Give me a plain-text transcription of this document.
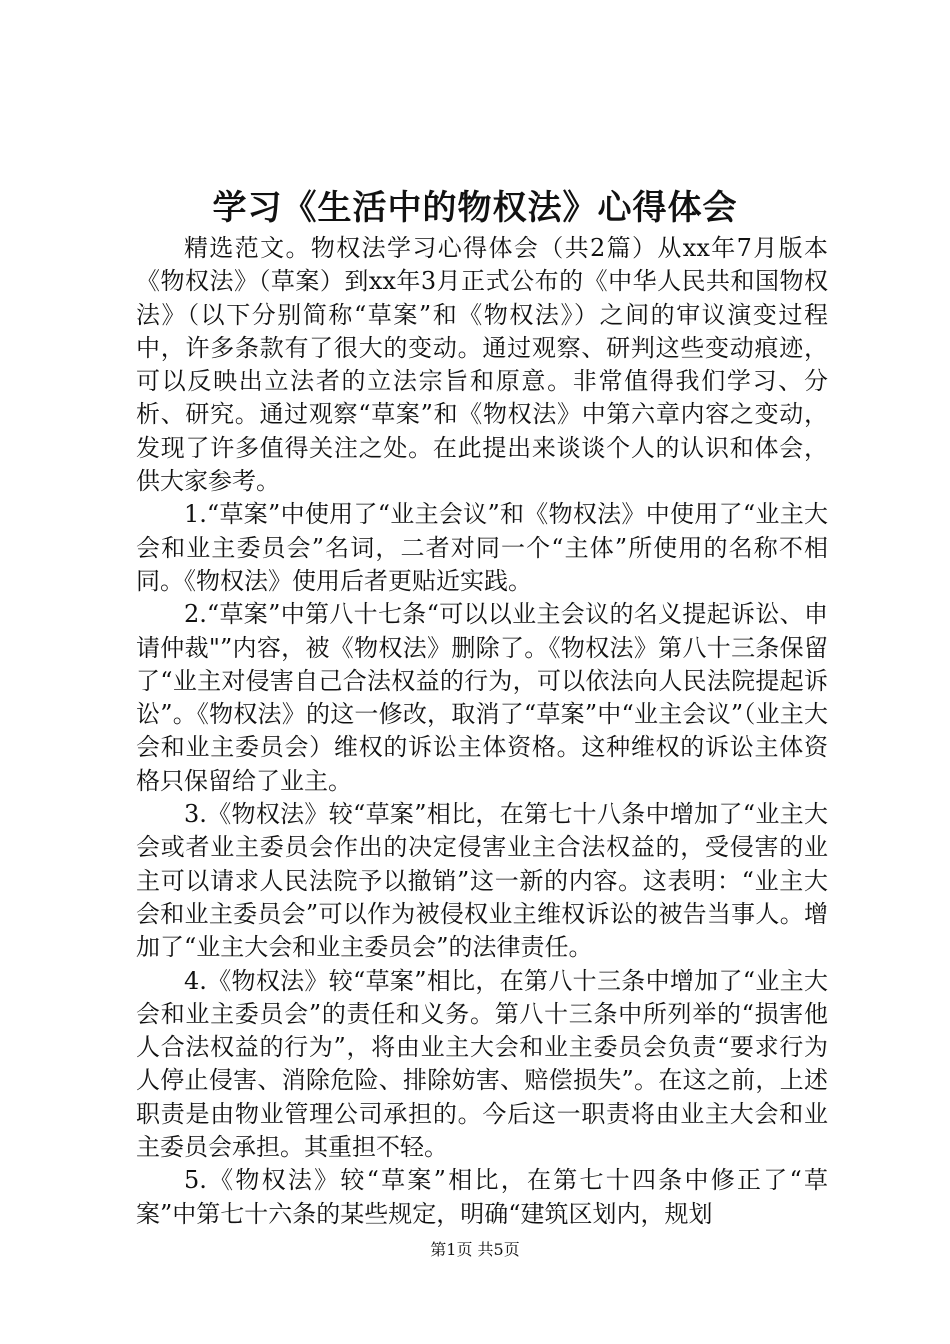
学习《生活中的物权法》心得体会

精选范文。物权法学习心得体会（共2篇）从xx年7月版本《物权法》（草案）到xx年3月正式公布的《中华人民共和国物权法》（以下分别简称“草案”和《物权法》）之间的审议演变过程中，许多条款有了很大的变动。通过观察、研判这些变动痕迹，可以反映出立法者的立法宗旨和原意。非常值得我们学习、分析、研究。通过观察“草案”和《物权法》中第六章内容之变动，发现了许多值得关注之处。在此提出来谈谈个人的认识和体会，供大家参考。

1.“草案”中使用了“业主会议”和《物权法》中使用了“业主大会和业主委员会”名词，二者对同一个“主体”所使用的名称不相同。《物权法》使用后者更贴近实践。

2.“草案”中第八十七条“可以以业主会议的名义提起诉讼、申请仲裁"”内容，被《物权法》删除了。《物权法》第八十三条保留了“业主对侵害自己合法权益的行为，可以依法向人民法院提起诉讼”。《物权法》的这一修改，取消了“草案”中“业主会议”（业主大会和业主委员会）维权的诉讼主体资格。这种维权的诉讼主体资格只保留给了业主。

3.《物权法》较“草案”相比，在第七十八条中增加了“业主大会或者业主委员会作出的决定侵害业主合法权益的，受侵害的业主可以请求人民法院予以撤销”这一新的内容。这表明：“业主大会和业主委员会”可以作为被侵权业主维权诉讼的被告当事人。增加了“业主大会和业主委员会”的法律责任。

4.《物权法》较“草案”相比，在第八十三条中增加了“业主大会和业主委员会”的责任和义务。第八十三条中所列举的“损害他人合法权益的行为”，将由业主大会和业主委员会负责“要求行为人停止侵害、消除危险、排除妨害、赔偿损失”。在这之前，上述职责是由物业管理公司承担的。今后这一职责将由业主大会和业主委员会承担。其重担不轻。

5.《物权法》较“草案”相比，在第七十四条中修正了“草案”中第七十六条的某些规定，明确“建筑区划内，规划

第1页 共5页
